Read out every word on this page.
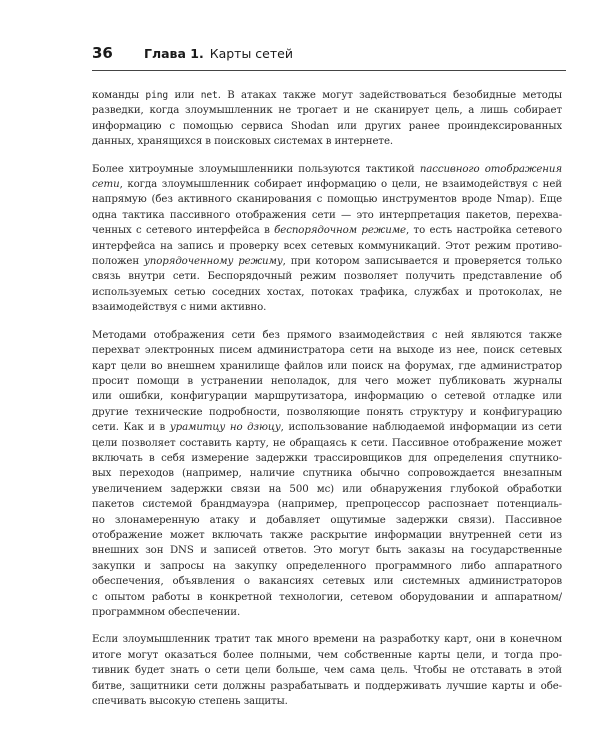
36	Глава 1. Карты сетей

команды ping или net. В атаках также могут задействоваться безобидные методы
разведки, когда злоумышленник не трогает и не сканирует цель, а лишь собирает
информацию с помощью сервиса Shodan или других ранее проиндексированных
данных, хранящихся в поисковых системах в интернете.

Более хитроумные злоумышленники пользуются тактикой пассивного отображения
сети, когда злоумышленник собирает информацию о цели, не взаимодействуя с ней
напрямую (без активного сканирования с помощью инструментов вроде Nmap). Еще
одна тактика пассивного отображения сети — это интерпретация пакетов, перехва-
ченных с сетевого интерфейса в беспорядочном режиме, то есть настройка сетевого
интерфейса на запись и проверку всех сетевых коммуникаций. Этот режим противо-
положен упорядоченному режиму, при котором записывается и проверяется только
связь внутри сети. Беспорядочный режим позволяет получить представление об
используемых сетью соседних хостах, потоках трафика, службах и протоколах, не
взаимодействуя с ними активно.

Методами отображения сети без прямого взаимодействия с ней являются также
перехват электронных писем администратора сети на выходе из нее, поиск сетевых
карт цели во внешнем хранилище файлов или поиск на форумах, где администратор
просит помощи в устранении неполадок, для чего может публиковать журналы
или ошибки, конфигурации маршрутизатора, информацию о сетевой отладке или
другие технические подробности, позволяющие понять структуру и конфигурацию
сети. Как и в урамитцу но дзюцу, использование наблюдаемой информации из сети
цели позволяет составить карту, не обращаясь к сети. Пассивное отображение может
включать в себя измерение задержки трассировщиков для определения спутнико-
вых переходов (например, наличие спутника обычно сопровождается внезапным
увеличением задержки связи на 500 мс) или обнаружения глубокой обработки
пакетов системой брандмауэра (например, препроцессор распознает потенциаль-
но злонамеренную атаку и добавляет ощутимые задержки связи). Пассивное
отображение может включать также раскрытие информации внутренней сети из
внешних зон DNS и записей ответов. Это могут быть заказы на государственные
закупки и запросы на закупку определенного программного либо аппаратного
обеспечения, объявления о вакансиях сетевых или системных администраторов
с опытом работы в конкретной технологии, сетевом оборудовании и аппаратном/
программном обеспечении.

Если злоумышленник тратит так много времени на разработку карт, они в конечном
итоге могут оказаться более полными, чем собственные карты цели, и тогда про-
тивник будет знать о сети цели больше, чем сама цель. Чтобы не отставать в этой
битве, защитники сети должны разрабатывать и поддерживать лучшие карты и обе-
спечивать высокую степень защиты.
